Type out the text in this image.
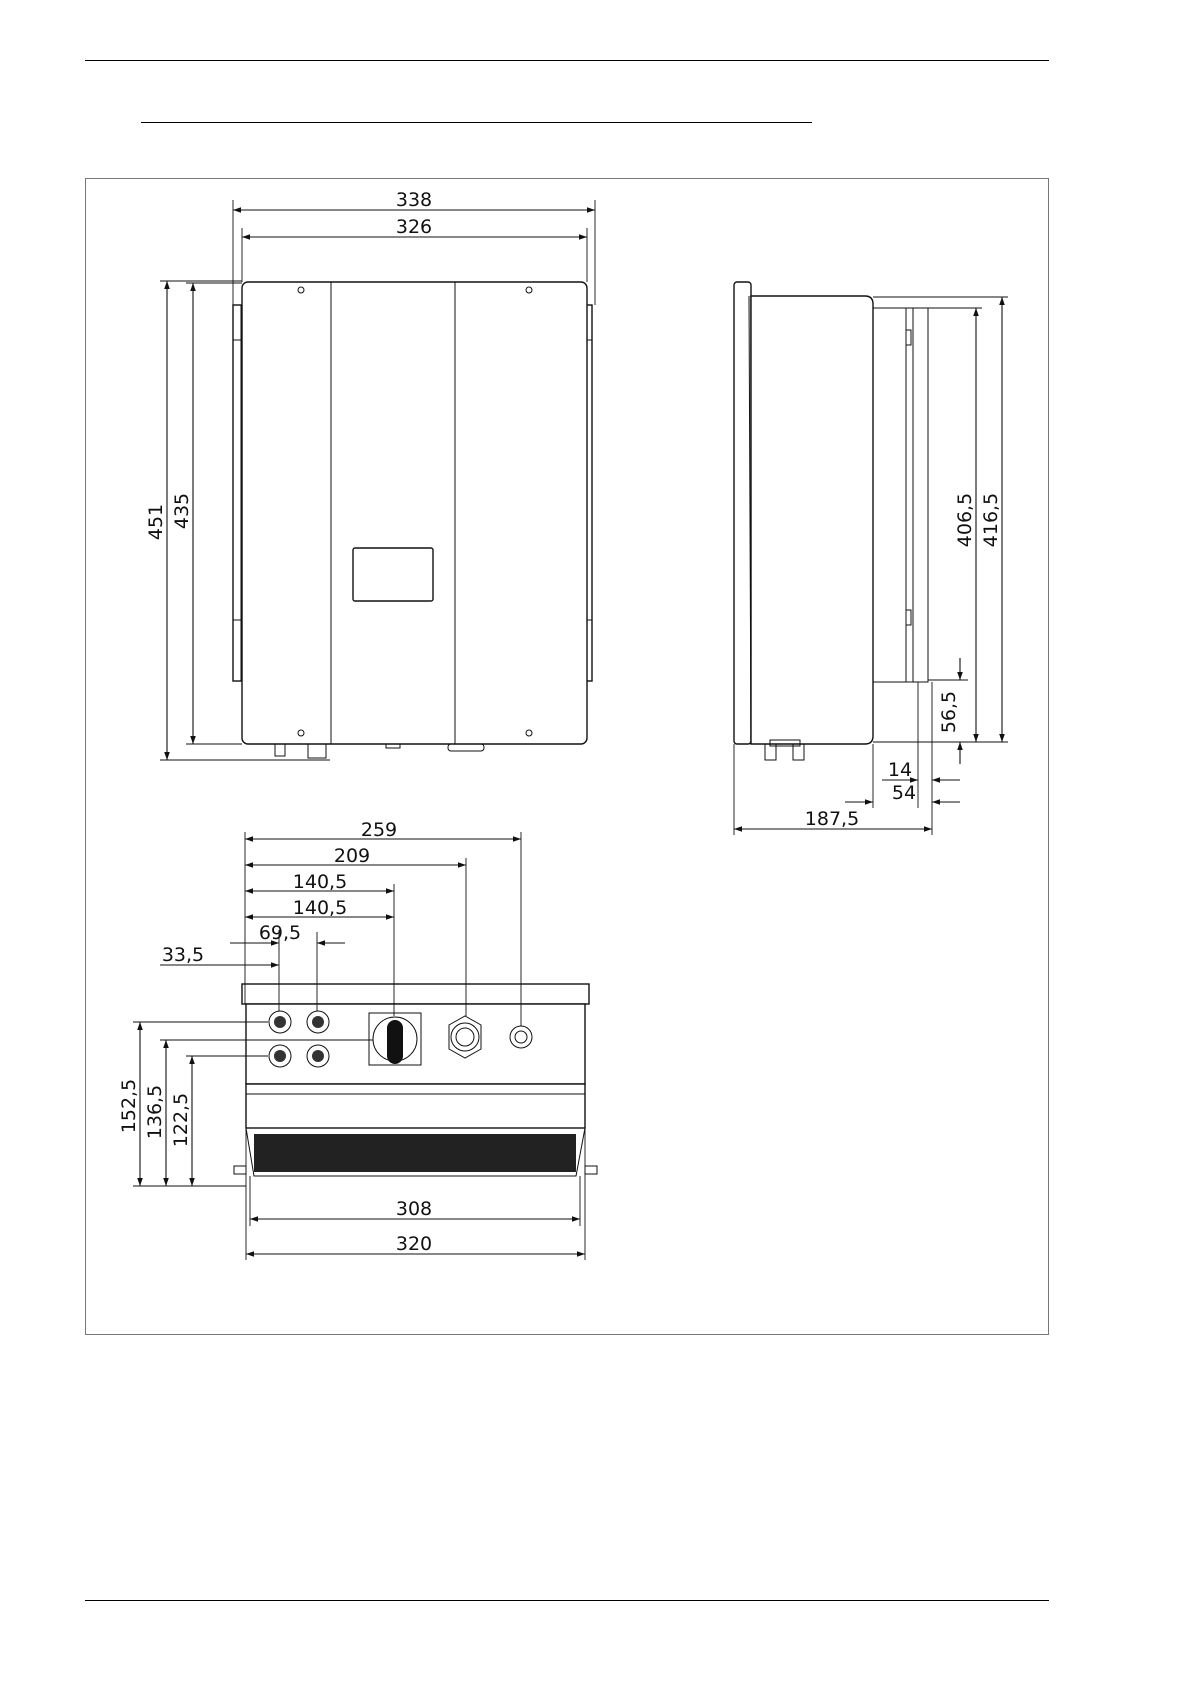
338
326
451 435	416,5
406,5
56,5
14
54
187,5
259
209
140,5
140,5
69,5
33,5
152,5 136,5 122,5
308
320
